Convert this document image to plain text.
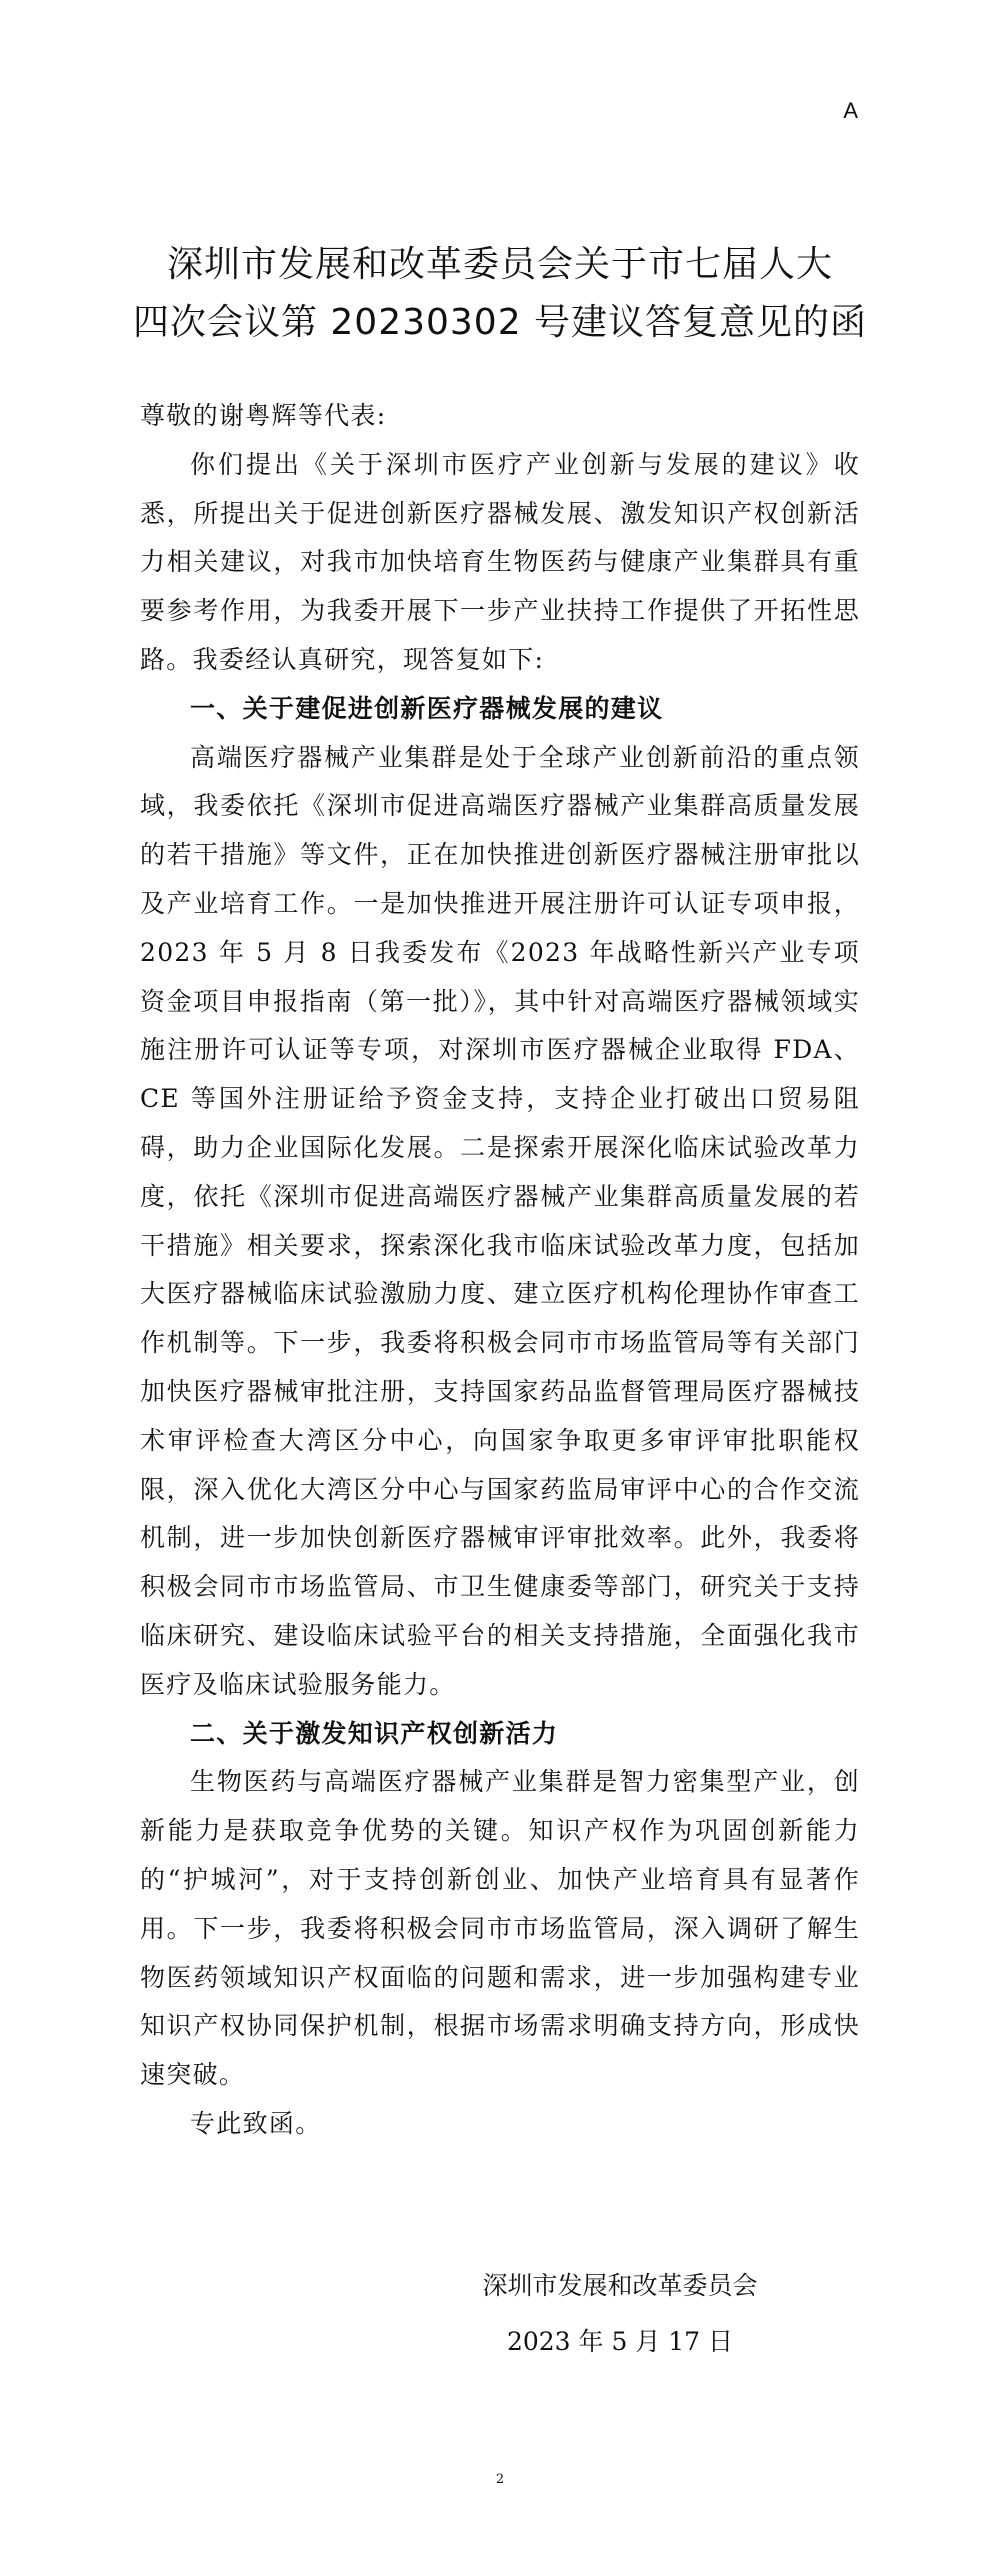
A
深圳市发展和改革委员会关于市七届人大
四次会议第 20230302 号建议答复意见的函

尊敬的谢粤辉等代表:

你们提出《关于深圳市医疗产业创新与发展的建议》收悉，所提出关于促进创新医疗器械发展、激发知识产权创新活力相关建议，对我市加快培育生物医药与健康产业集群具有重要参考作用，为我委开展下一步产业扶持工作提供了开拓性思路。我委经认真研究，现答复如下:

一、关于建促进创新医疗器械发展的建议

高端医疗器械产业集群是处于全球产业创新前沿的重点领域，我委依托《深圳市促进高端医疗器械产业集群高质量发展的若干措施》等文件，正在加快推进创新医疗器械注册审批以及产业培育工作。一是加快推进开展注册许可认证专项申报，2023 年 5 月 8 日我委发布《2023 年战略性新兴产业专项资金项目申报指南（第一批）》，其中针对高端医疗器械领域实施注册许可认证等专项，对深圳市医疗器械企业取得 FDA、CE 等国外注册证给予资金支持，支持企业打破出口贸易阻碍，助力企业国际化发展。二是探索开展深化临床试验改革力度，依托《深圳市促进高端医疗器械产业集群高质量发展的若干措施》相关要求，探索深化我市临床试验改革力度，包括加大医疗器械临床试验激励力度、建立医疗机构伦理协作审查工作机制等。下一步，我委将积极会同市市场监管局等有关部门加快医疗器械审批注册，支持国家药品监督管理局医疗器械技术审评检查大湾区分中心，向国家争取更多审评审批职能权限，深入优化大湾区分中心与国家药监局审评中心的合作交流机制，进一步加快创新医疗器械审评审批效率。此外，我委将积极会同市市场监管局、市卫生健康委等部门，研究关于支持临床研究、建设临床试验平台的相关支持措施，全面强化我市医疗及临床试验服务能力。

二、关于激发知识产权创新活力

生物医药与高端医疗器械产业集群是智力密集型产业，创新能力是获取竞争优势的关键。知识产权作为巩固创新能力的“护城河”，对于支持创新创业、加快产业培育具有显著作用。下一步，我委将积极会同市市场监管局，深入调研了解生物医药领域知识产权面临的问题和需求，进一步加强构建专业知识产权协同保护机制，根据市场需求明确支持方向，形成快速突破。

专此致函。

深圳市发展和改革委员会
2023 年 5 月 17 日
2
